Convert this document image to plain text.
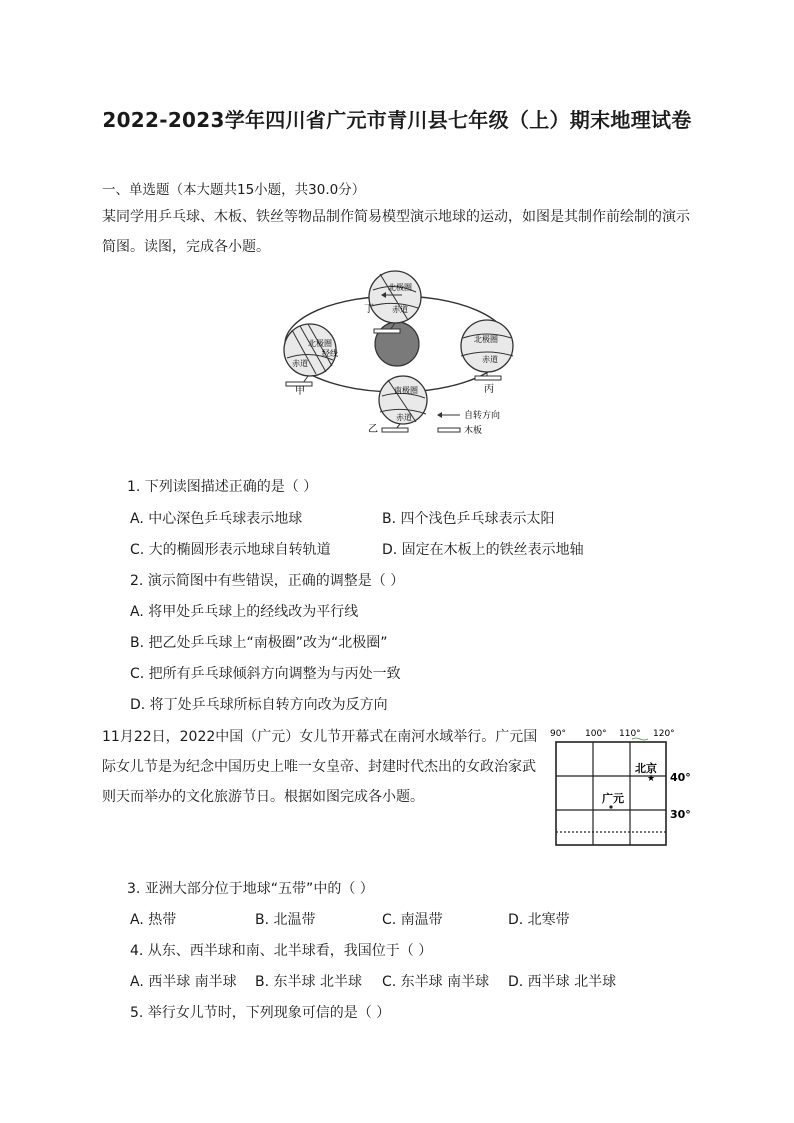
2022-2023学年四川省广元市青川县七年级（上）期末地理试卷
一、单选题（本大题共15小题，共30.0分）
某同学用乒乓球、木板、铁丝等物品制作简易模型演示地球的运动，如图是其制作前绘制的演示
简图。读图，完成各小题。
北极圈
赤道
丁
北极圈
经线
赤道
甲
北极圈
赤道
丙
南极圈
赤道
乙
自转方向
木板
1. 下列读图描述正确的是（ ）
A. 中心深色乒乓球表示地球	B. 四个浅色乒乓球表示太阳
C. 大的椭圆形表示地球自转轨道	D. 固定在木板上的铁丝表示地轴
2. 演示简图中有些错误，正确的调整是（ ）
A. 将甲处乒乓球上的经线改为平行线
B. 把乙处乒乓球上“南极圈”改为“北极圈”
C. 把所有乒乓球倾斜方向调整为与丙处一致
D. 将丁处乒乓球所标自转方向改为反方向
11月22日，2022中国（广元）女儿节开幕式在南河水域举行。广元国
际女儿节是为纪念中国历史上唯一女皇帝、封建时代杰出的女政治家武
则天而举办的文化旅游节日。根据如图完成各小题。
90° 100° 110° 120°
北京
★ 40°
广元
30°
3. 亚洲大部分位于地球“五带”中的（ ）
A. 热带	B. 北温带	C. 南温带	D. 北寒带
4. 从东、西半球和南、北半球看，我国位于（ ）
A. 西半球 南半球 B. 东半球 北半球 C. 东半球 南半球 D. 西半球 北半球
5. 举行女儿节时，下列现象可信的是（ ）
